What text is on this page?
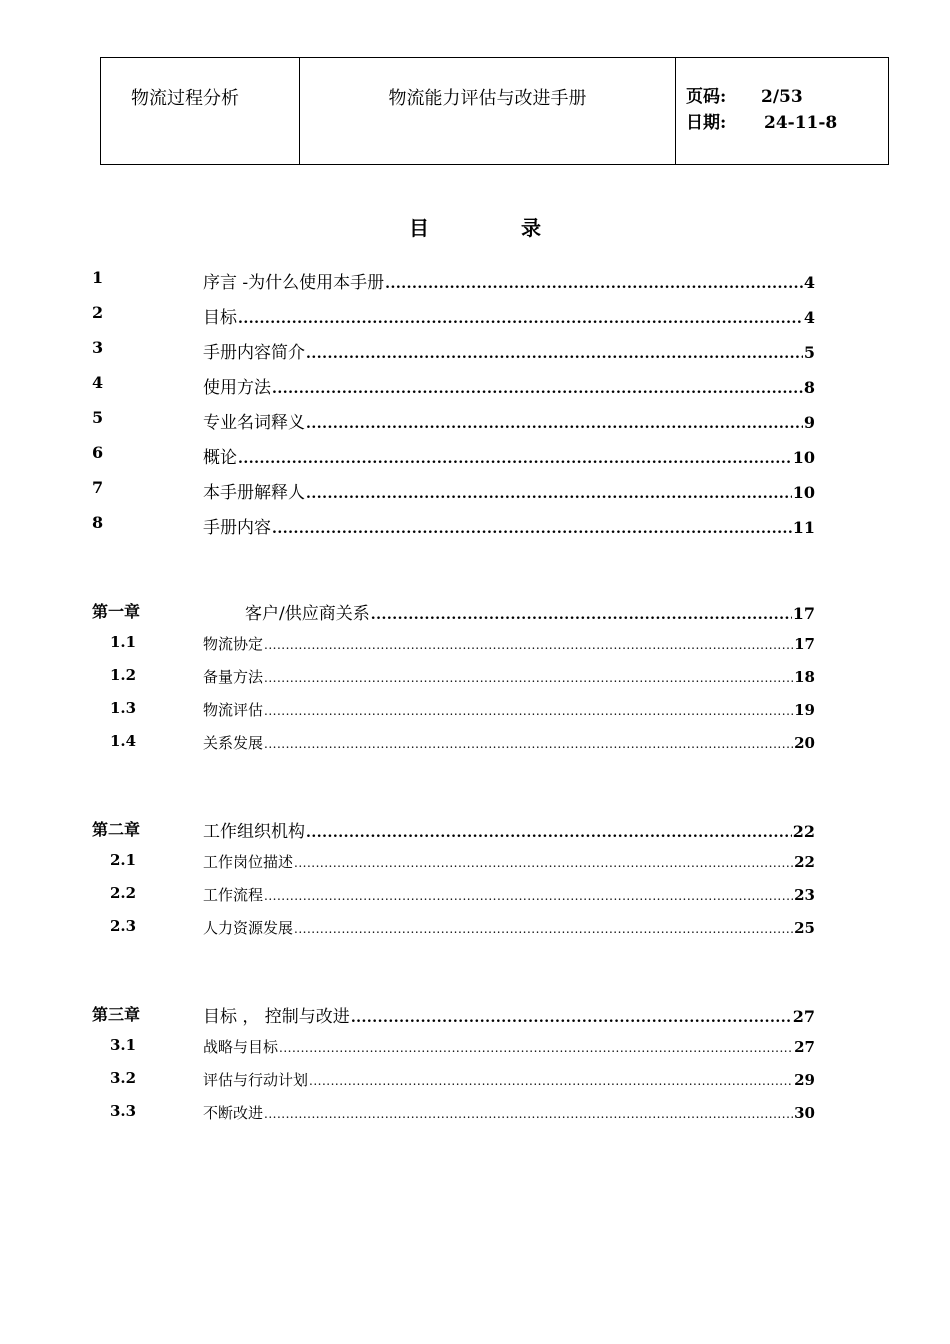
物流过程分析	物流能力评估与改进手册	页码: 2/53
日期: 24-11-8
目	录
1	序言 -为什么使用本手册 .....	4
2	目标 .....	4
3	手册内容简介 .....	5
4	使用方法 .....	8
5	专业名词释义 .....	9
6	概论 .....	10
7	本手册解释人 .....	10
8	手册内容 .....	11
第一章	客户/供应商关系 .....	17
1.1	物流协定 .....	17
1.2	备量方法 .....	18
1.3	物流评估 .....	19
1.4	关系发展 .....	20
第二章	工作组织机构 .....	22
2.1	工作岗位描述 .....	22
2.2	工作流程 .....	23
2.3	人力资源发展 .....	25
第三章	目标 ， 控制与改进 .....	27
3.1	战略与目标 .....	27
3.2	评估与行动计划 .....	29
3.3	不断改进 .....	30
